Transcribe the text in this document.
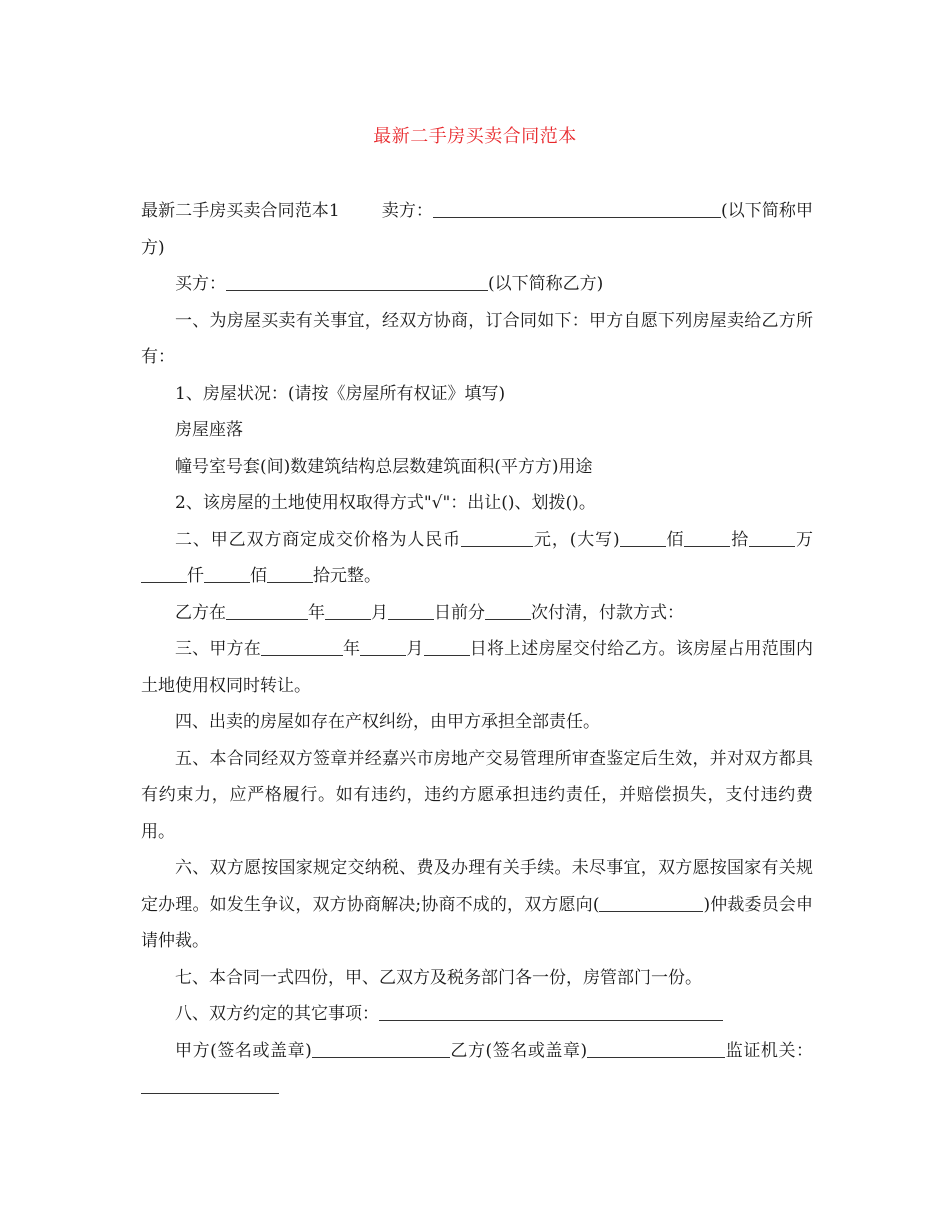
最新二手房买卖合同范本

最新二手房买卖合同范本1 卖方：	(以下简称甲方)

买方：	(以下简称乙方)

一、为房屋买卖有关事宜，经双方协商，订合同如下：甲方自愿下列房屋卖给乙方所有：

1、房屋状况：(请按《房屋所有权证》填写)

房屋座落

幢号室号套(间)数建筑结构总层数建筑面积(平方方)用途

2、该房屋的土地使用权取得方式"√"：出让()、划拨()。

二、甲乙双方商定成交价格为人民币	元，(大写)	佰	拾	万仟	佰	拾元整。

乙方在	年	月	日前分	次付清，付款方式：

三、甲方在	年	月	日将上述房屋交付给乙方。该房屋占用范围内土地使用权同时转让。

四、出卖的房屋如存在产权纠纷，由甲方承担全部责任。

五、本合同经双方签章并经嘉兴市房地产交易管理所审查鉴定后生效，并对双方都具有约束力，应严格履行。如有违约，违约方愿承担违约责任，并赔偿损失，支付违约费用。

六、双方愿按国家规定交纳税、费及办理有关手续。未尽事宜，双方愿按国家有关规定办理。如发生争议，双方协商解决;协商不成的，双方愿向(	)仲裁委员会申请仲裁。

七、本合同一式四份，甲、乙双方及税务部门各一份，房管部门一份。

八、双方约定的其它事项：

甲方(签名或盖章)	乙方(签名或盖章)	监证机关：
